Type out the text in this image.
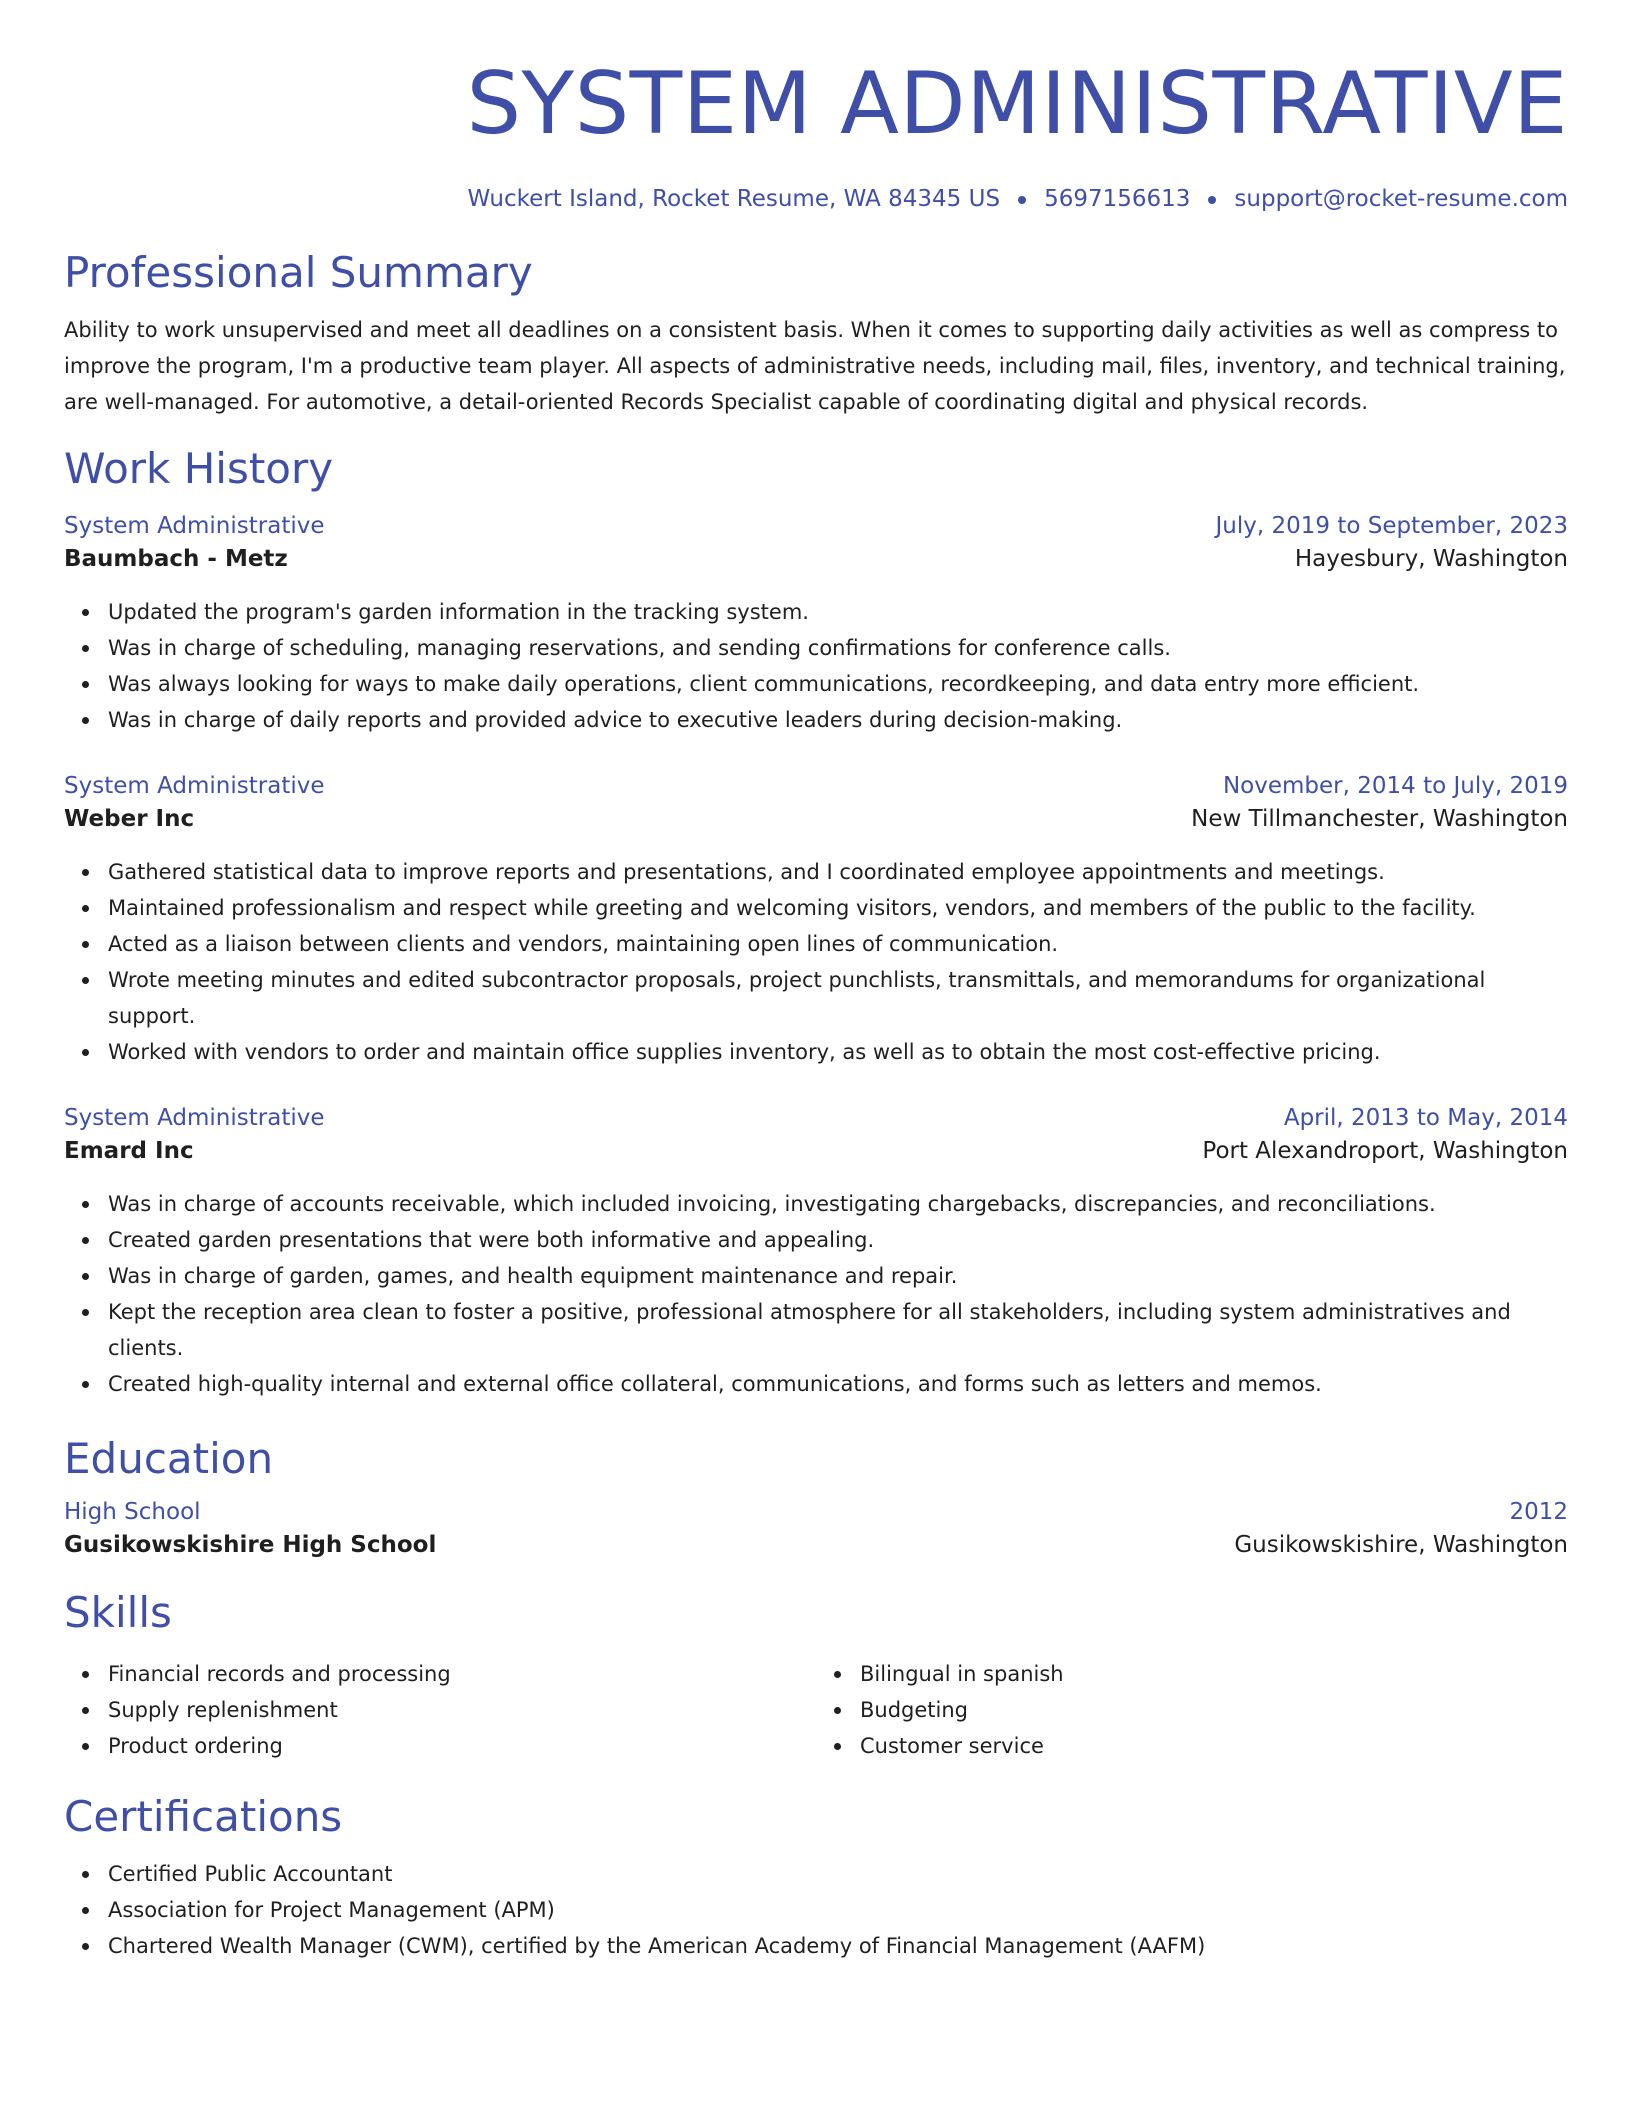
SYSTEM ADMINISTRATIVE
Wuckert Island, Rocket Resume, WA 84345 US 5697156613 support@rocket-resume.com
Professional Summary
Ability to work unsupervised and meet all deadlines on a consistent basis. When it comes to supporting daily activities as well as compress to improve the program, I'm a productive team player. All aspects of administrative needs, including mail, files, inventory, and technical training, are well-managed. For automotive, a detail-oriented Records Specialist capable of coordinating digital and physical records.
Work History
System Administrative	July, 2019 to September, 2023
Baumbach - Metz	Hayesbury, Washington
Updated the program's garden information in the tracking system.
Was in charge of scheduling, managing reservations, and sending confirmations for conference calls.
Was always looking for ways to make daily operations, client communications, recordkeeping, and data entry more efficient.
Was in charge of daily reports and provided advice to executive leaders during decision-making.
System Administrative	November, 2014 to July, 2019
Weber Inc	New Tillmanchester, Washington
Gathered statistical data to improve reports and presentations, and I coordinated employee appointments and meetings.
Maintained professionalism and respect while greeting and welcoming visitors, vendors, and members of the public to the facility.
Acted as a liaison between clients and vendors, maintaining open lines of communication.
Wrote meeting minutes and edited subcontractor proposals, project punchlists, transmittals, and memorandums for organizational support.
Worked with vendors to order and maintain office supplies inventory, as well as to obtain the most cost-effective pricing.
System Administrative	April, 2013 to May, 2014
Emard Inc	Port Alexandroport, Washington
Was in charge of accounts receivable, which included invoicing, investigating chargebacks, discrepancies, and reconciliations.
Created garden presentations that were both informative and appealing.
Was in charge of garden, games, and health equipment maintenance and repair.
Kept the reception area clean to foster a positive, professional atmosphere for all stakeholders, including system administratives and clients.
Created high-quality internal and external office collateral, communications, and forms such as letters and memos.
Education
High School	2012
Gusikowskishire High School	Gusikowskishire, Washington
Skills
Financial records and processing
Supply replenishment
Product ordering
Bilingual in spanish
Budgeting
Customer service
Certifications
Certified Public Accountant
Association for Project Management (APM)
Chartered Wealth Manager (CWM), certified by the American Academy of Financial Management (AAFM)
